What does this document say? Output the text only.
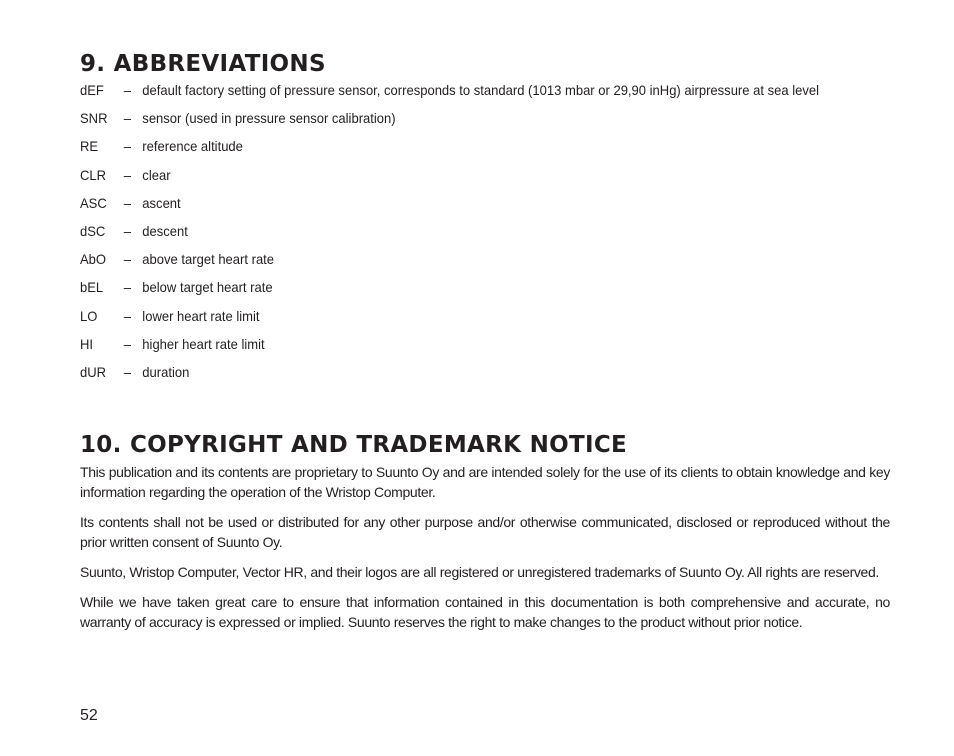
9. ABBREVIATIONS
dEF	– default factory setting of pressure sensor, corresponds to standard (1013 mbar or 29,90 inHg) airpressure at sea level
SNR	– sensor (used in pressure sensor calibration)
RE	– reference altitude
CLR	– clear
ASC	– ascent
dSC	– descent
AbO	– above target heart rate
bEL	– below target heart rate
LO	– lower heart rate limit
HI	– higher heart rate limit
dUR	– duration
10. COPYRIGHT AND TRADEMARK NOTICE

This publication and its contents are proprietary to Suunto Oy and are intended solely for the use of its clients to obtain knowledge and key information regarding the operation of the Wristop Computer.

Its contents shall not be used or distributed for any other purpose and/or otherwise communicated, disclosed or reproduced without the prior written consent of Suunto Oy.

Suunto, Wristop Computer, Vector HR, and their logos are all registered or unregistered trademarks of Suunto Oy. All rights are reserved.

While we have taken great care to ensure that information contained in this documentation is both comprehensive and accurate, no warranty of accuracy is expressed or implied. Suunto reserves the right to make changes to the product without prior notice.

52
